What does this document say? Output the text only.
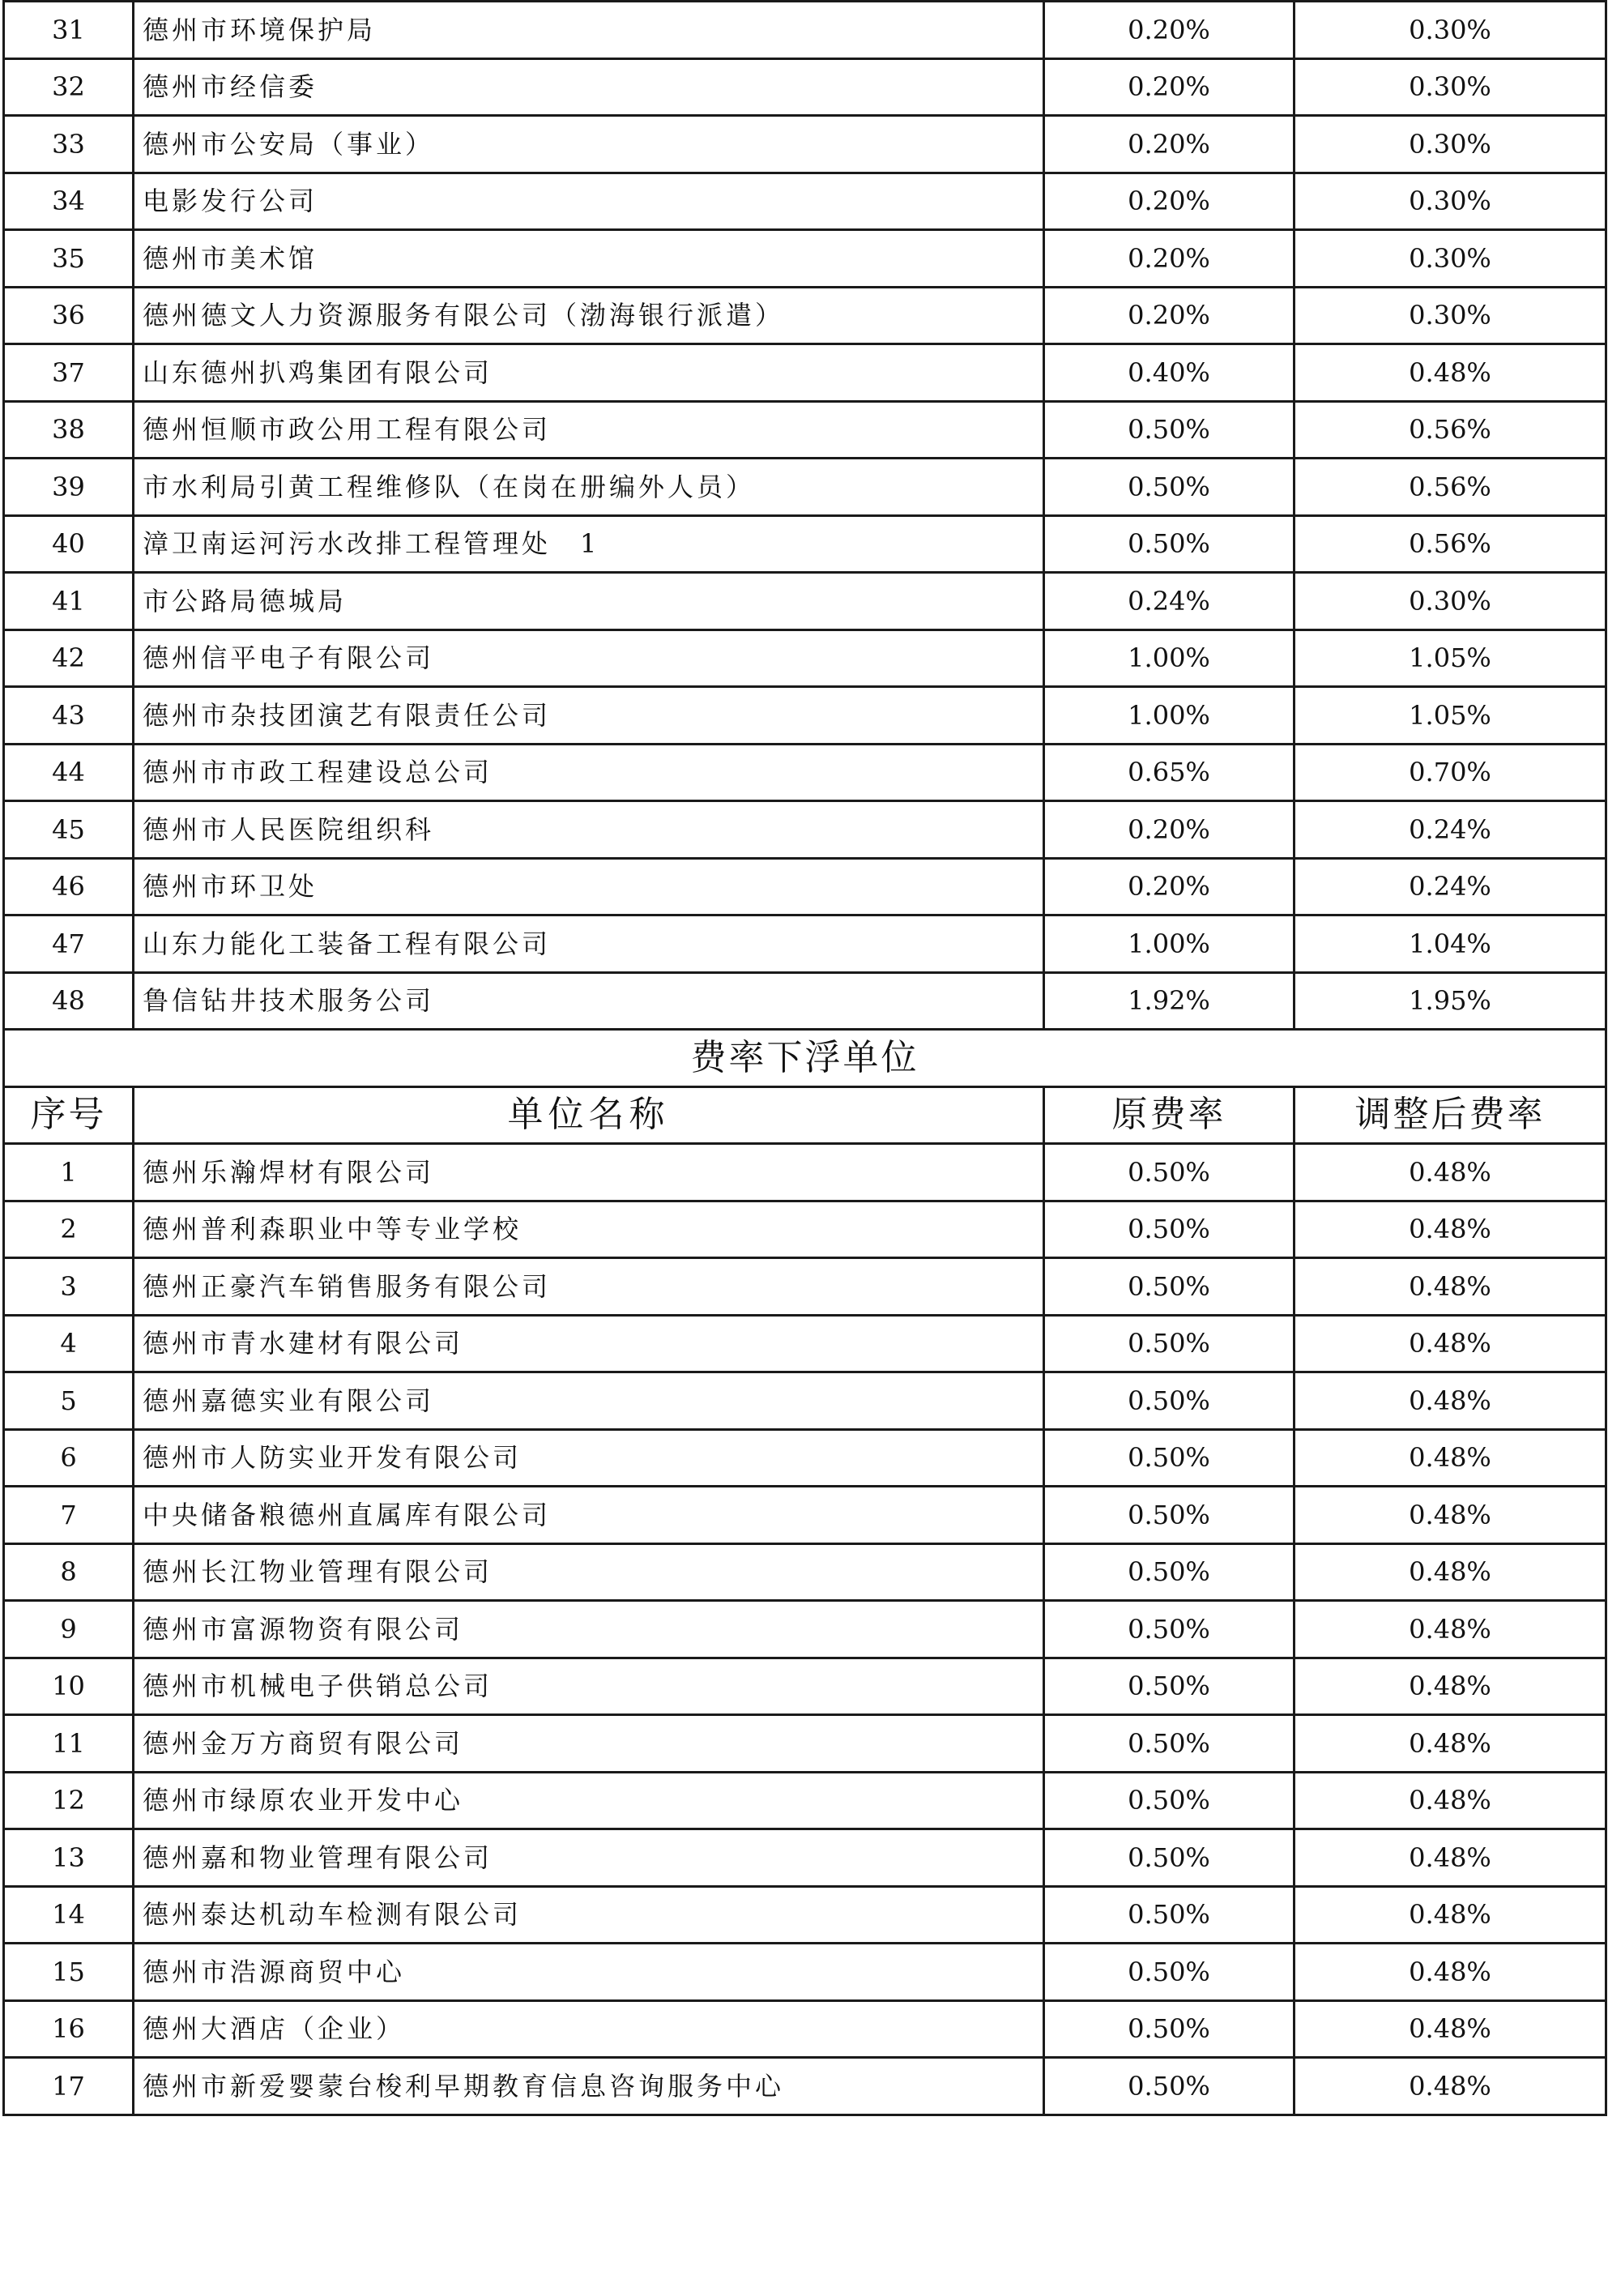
31	德州市环境保护局	0.20%	0.30%
32	德州市经信委	0.20%	0.30%
33	德州市公安局（事业）	0.20%	0.30%
34	电影发行公司	0.20%	0.30%
35	德州市美术馆	0.20%	0.30%
36	德州德文人力资源服务有限公司（渤海银行派遣）	0.20%	0.30%
37	山东德州扒鸡集团有限公司	0.40%	0.48%
38	德州恒顺市政公用工程有限公司	0.50%	0.56%
39	市水利局引黄工程维修队（在岗在册编外人员）	0.50%	0.56%
40	漳卫南运河污水改排工程管理处　1	0.50%	0.56%
41	市公路局德城局	0.24%	0.30%
42	德州信平电子有限公司	1.00%	1.05%
43	德州市杂技团演艺有限责任公司	1.00%	1.05%
44	德州市市政工程建设总公司	0.65%	0.70%
45	德州市人民医院组织科	0.20%	0.24%
46	德州市环卫处	0.20%	0.24%
47	山东力能化工装备工程有限公司	1.00%	1.04%
48	鲁信钻井技术服务公司	1.92%	1.95%
费率下浮单位			
序号	单位名称	原费率	调整后费率
1	德州乐瀚焊材有限公司	0.50%	0.48%
2	德州普利森职业中等专业学校	0.50%	0.48%
3	德州正豪汽车销售服务有限公司	0.50%	0.48%
4	德州市青水建材有限公司	0.50%	0.48%
5	德州嘉德实业有限公司	0.50%	0.48%
6	德州市人防实业开发有限公司	0.50%	0.48%
7	中央储备粮德州直属库有限公司	0.50%	0.48%
8	德州长江物业管理有限公司	0.50%	0.48%
9	德州市富源物资有限公司	0.50%	0.48%
10	德州市机械电子供销总公司	0.50%	0.48%
11	德州金万方商贸有限公司	0.50%	0.48%
12	德州市绿原农业开发中心	0.50%	0.48%
13	德州嘉和物业管理有限公司	0.50%	0.48%
14	德州泰达机动车检测有限公司	0.50%	0.48%
15	德州市浩源商贸中心	0.50%	0.48%
16	德州大酒店（企业）	0.50%	0.48%
17	德州市新爱婴蒙台梭利早期教育信息咨询服务中心	0.50%	0.48%
